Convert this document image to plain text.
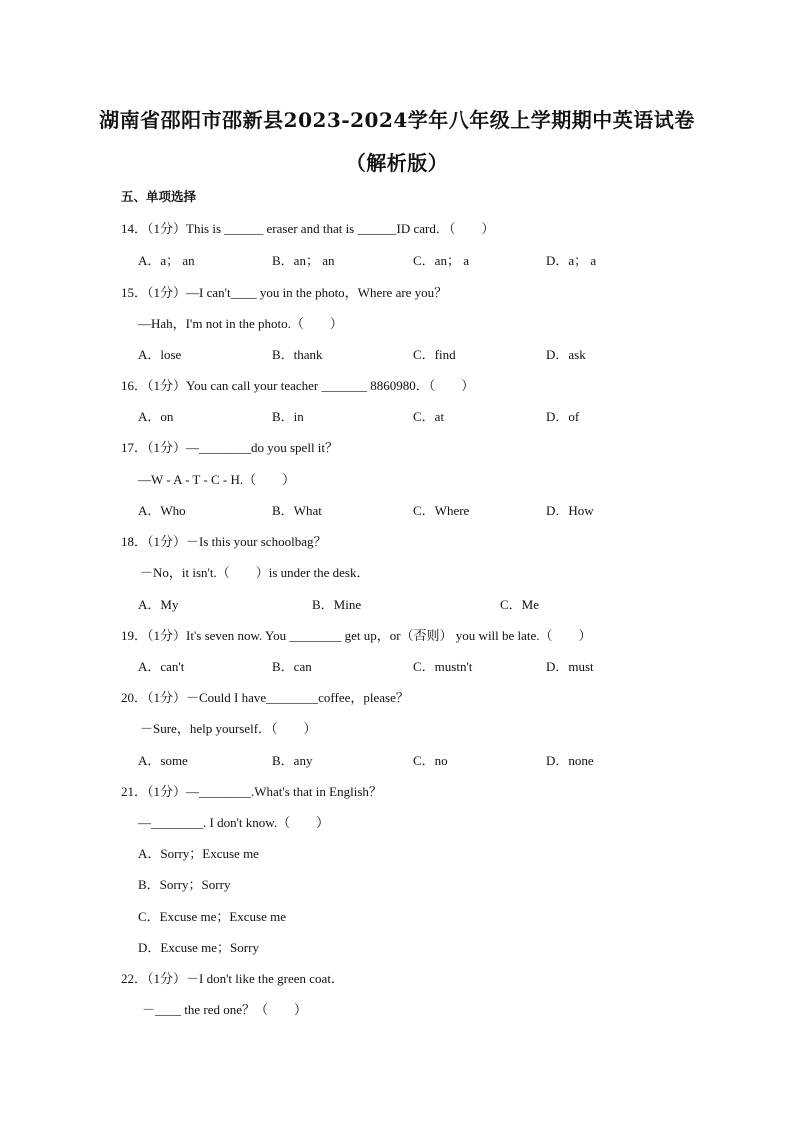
湖南省邵阳市邵新县2023-2024学年八年级上学期期中英语试卷
（解析版）
五、单项选择
14．（1分）This is ______ eraser and that is ______ID card．（　　）
A．a； an	B．an； an	C．an； a	D．a； a
15．（1分）—I can't____ you in the photo，Where are you？
—Hah，I'm not in the photo.（　　）
A．lose	B．thank	C．find	D．ask
16．（1分）You can call your teacher _______ 8860980．（　　）
A．on	B．in	C．at	D．of
17．（1分）—________do you spell it？
—W - A - T - C - H.（　　）
A．Who	B．What	C．Where	D．How
18．（1分）－Is this your schoolbag？
－No，it isn't.（　　）is under the desk．
A．My	B．Mine	C．Me
19．（1分）It's seven now. You ________ get up，or（否则） you will be late.（　　）
A．can't	B．can	C．mustn't	D．must
20．（1分）－Could I have________coffee，please？
－Sure，help yourself．（　　）
A．some	B．any	C．no	D．none
21．（1分）—________.What's that in English？
—________. I don't know.（　　）
A．Sorry；Excuse me
B．Sorry；Sorry
C．Excuse me；Excuse me
D．Excuse me；Sorry
22．（1分）－I don't like the green coat．
－____ the red one？（　　）
